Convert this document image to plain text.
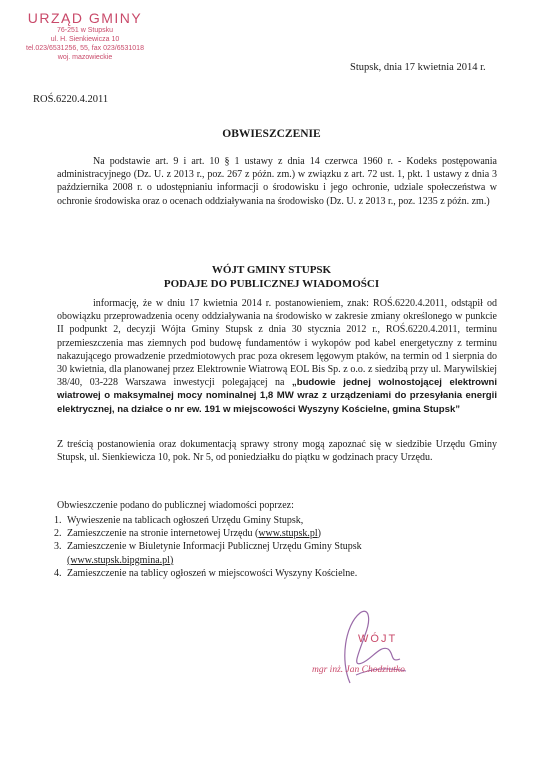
URZĄD GMINY
76-251 w Stupsku
ul. H. Sienkiewicza 10
tel.023/6531256, 55, fax 023/6531018
woj. mazowieckie
Stupsk, dnia 17 kwietnia 2014 r.
ROŚ.6220.4.2011
OBWIESZCZENIE
Na podstawie art. 9 i art. 10 § 1 ustawy z dnia 14 czerwca 1960 r. - Kodeks postępowania administracyjnego (Dz. U. z 2013 r., poz. 267 z późn. zm.) w związku z art. 72 ust. 1, pkt. 1 ustawy z dnia 3 października 2008 r. o udostępnianiu informacji o środowisku i jego ochronie, udziale społeczeństwa w ochronie środowiska oraz o ocenach oddziaływania na środowisko (Dz. U. z 2013 r., poz. 1235 z późn. zm.)
WÓJT GMINY STUPSK
PODAJE DO PUBLICZNEJ WIADOMOŚCI
informację, że w dniu 17 kwietnia 2014 r. postanowieniem, znak: ROŚ.6220.4.2011, odstąpił od obowiązku przeprowadzenia oceny oddziaływania na środowisko w zakresie zmiany określonego w punkcie II podpunkt 2, decyzji Wójta Gminy Stupsk z dnia 30 stycznia 2012 r., ROŚ.6220.4.2011, terminu przemieszczenia mas ziemnych pod budowę fundamentów i wykopów pod kabel energetyczny z terminu nakazującego prowadzenie przedmiotowych prac poza okresem lęgowym ptaków, na termin od 1 sierpnia do 30 kwietnia, dla planowanej przez Elektrownie Wiatrową EOL Bis Sp. z o.o. z siedzibą przy ul. Marywilskiej 38/40, 03-228 Warszawa inwestycji polegającej na „budowie jednej wolnostojącej elektrowni wiatrowej o maksymalnej mocy nominalnej 1,8 MW wraz z urządzeniami do przesyłania energii elektrycznej, na działce o nr ew. 191 w miejscowości Wyszyny Kościelne, gmina Stupsk”
Z treścią postanowienia oraz dokumentacją sprawy strony mogą zapoznać się w siedzibie Urzędu Gminy Stupsk, ul. Sienkiewicza 10, pok. Nr 5, od poniedziałku do piątku w godzinach pracy Urzędu.
Obwieszczenie podano do publicznej wiadomości poprzez:
1. Wywieszenie na tablicach ogłoszeń Urzędu Gminy Stupsk,
2. Zamieszczenie na stronie internetowej Urzędu (www.stupsk.pl)
3. Zamieszczenie w Biuletynie Informacji Publicznej Urzędu Gminy Stupsk
(www.stupsk.bipgmina.pl)
4. Zamieszczenie na tablicy ogłoszeń w miejscowości Wyszyny Kościelne.
WÓJT
mgr inż. Jan Chodziutko
